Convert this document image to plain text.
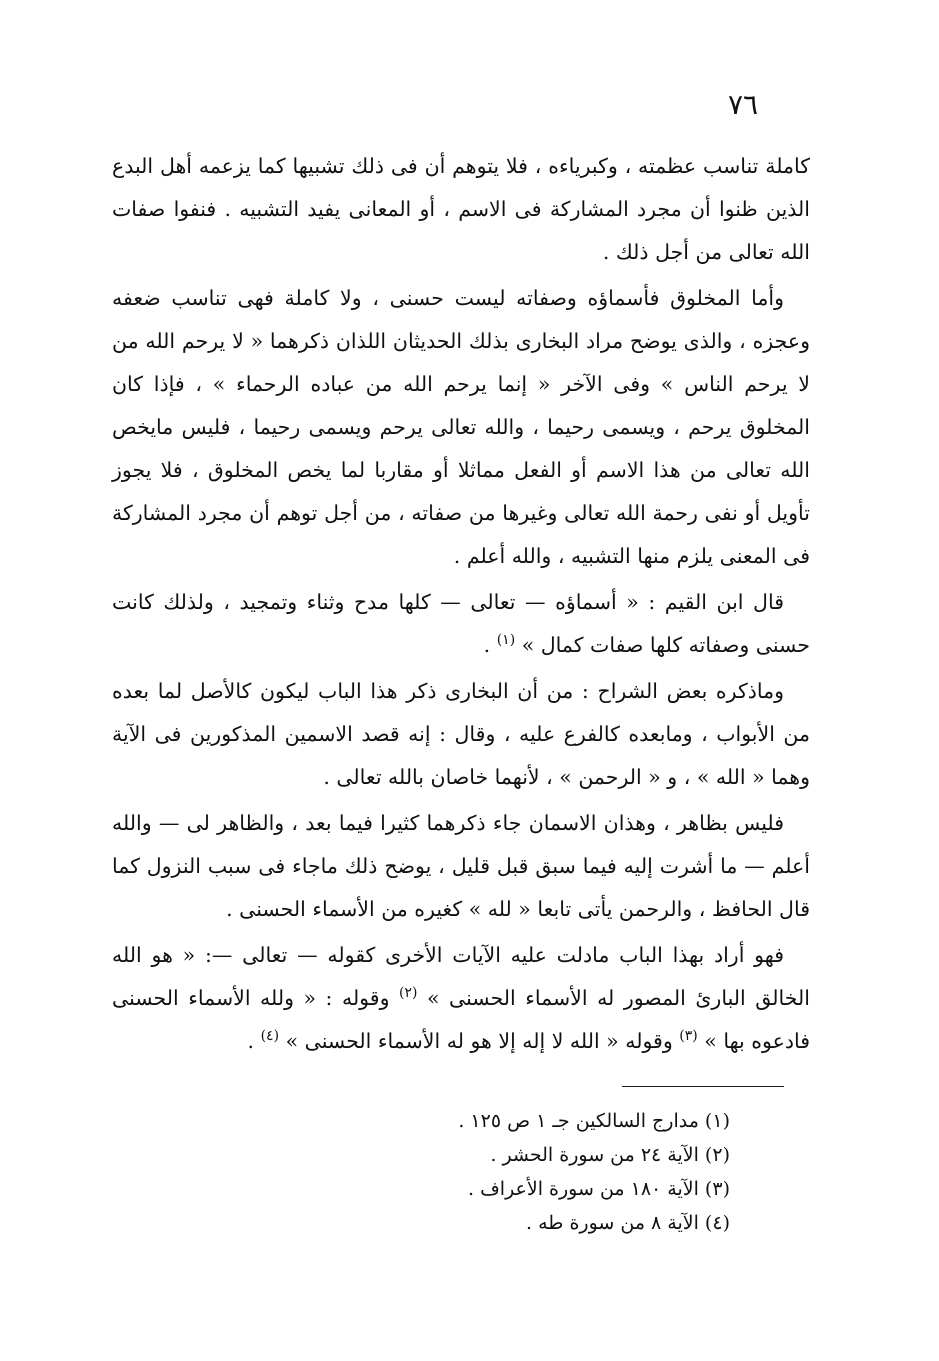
٧٦

كاملة تناسب عظمته ، وكبرياءه ، فلا يتوهم أن فى ذلك تشبيها كما يزعمه أهل البدع الذين ظنوا أن مجرد المشاركة فى الاسم ، أو المعانى يفيد التشبيه . فنفوا صفات الله تعالى من أجل ذلك .

وأما المخلوق فأسماؤه وصفاته ليست حسنى ، ولا كاملة فهى تناسب ضعفه وعجزه ، والذى يوضح مراد البخارى بذلك الحديثان اللذان ذكرهما « لا يرحم الله من لا يرحم الناس » وفى الآخر « إنما يرحم الله من عباده الرحماء » ، فإذا كان المخلوق يرحم ، ويسمى رحيما ، والله تعالى يرحم ويسمى رحيما ، فليس مايخص الله تعالى من هذا الاسم أو الفعل مماثلا أو مقاربا لما يخص المخلوق ، فلا يجوز تأويل أو نفى رحمة الله تعالى وغيرها من صفاته ، من أجل توهم أن مجرد المشاركة فى المعنى يلزم منها التشبيه ، والله أعلم .

قال ابن القيم : « أسماؤه — تعالى — كلها مدح وثناء وتمجيد ، ولذلك كانت حسنى وصفاته كلها صفات كمال » $^{(١)}$ .

وماذكره بعض الشراح : من أن البخارى ذكر هذا الباب ليكون كالأصل لما بعده من الأبواب ، ومابعده كالفرع عليه ، وقال : إنه قصد الاسمين المذكورين فى الآية وهما « الله » ، و « الرحمن » ، لأنهما خاصان بالله تعالى .

فليس بظاهر ، وهذان الاسمان جاء ذكرهما كثيرا فيما بعد ، والظاهر لى — والله أعلم — ما أشرت إليه فيما سبق قبل قليل ، يوضح ذلك ماجاء فى سبب النزول كما قال الحافظ ، والرحمن يأتى تابعا « لله » كغيره من الأسماء الحسنى .

فهو أراد بهذا الباب مادلت عليه الآيات الأخرى كقوله — تعالى —: « هو الله الخالق البارئ المصور له الأسماء الحسنى » $^{(٢)}$ وقوله : « ولله الأسماء الحسنى فادعوه بها » $^{(٣)}$ وقوله « الله لا إله إلا هو له الأسماء الحسنى » $^{(٤)}$ .

(١) مدارج السالكين جـ ١ ص ١٢٥ .
(٢) الآية ٢٤ من سورة الحشر .
(٣) الآية ١٨٠ من سورة الأعراف .
(٤) الآية ٨ من سورة طه .
